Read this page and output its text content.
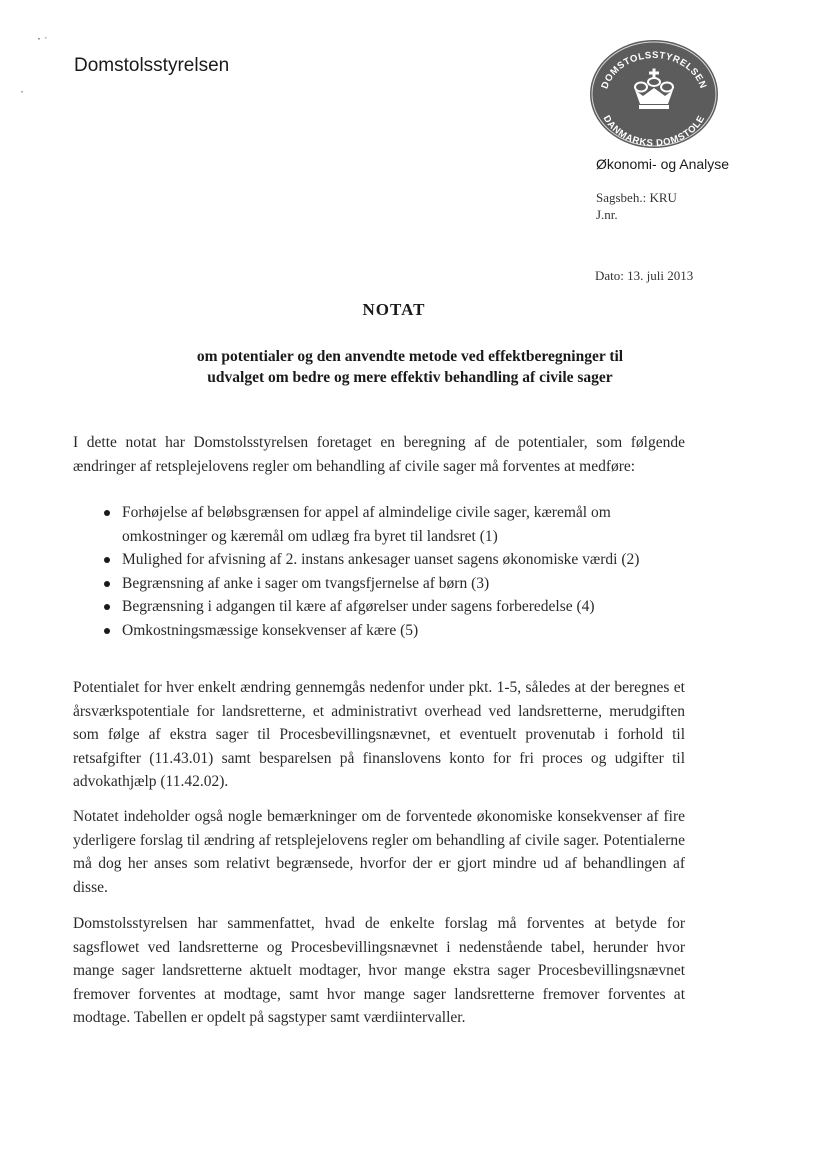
Domstolsstyrelsen
DOMSTOLSSTYRELSEN
DANMARKS DOMSTOLE
Økonomi- og Analyse
Sagsbeh.: KRU
J.nr.
Dato: 13. juli 2013
NOTAT
om potentialer og den anvendte metode ved effektberegninger til
udvalget om bedre og mere effektiv behandling af civile sager

I dette notat har Domstolsstyrelsen foretaget en beregning af de potentialer, som følgende ændringer af retsplejelovens regler om behandling af civile sager må forventes at medføre:

Forhøjelse af beløbsgrænsen for appel af almindelige civile sager, kæremål om omkostninger og kæremål om udlæg fra byret til landsret (1)
Mulighed for afvisning af 2. instans ankesager uanset sagens økonomiske værdi (2)
Begrænsning af anke i sager om tvangsfjernelse af børn (3)
Begrænsning i adgangen til kære af afgørelser under sagens forberedelse (4)
Omkostningsmæssige konsekvenser af kære (5)

Potentialet for hver enkelt ændring gennemgås nedenfor under pkt. 1-5, således at der beregnes et årsværkspotentiale for landsretterne, et administrativt overhead ved landsretterne, merudgiften som følge af ekstra sager til Procesbevillingsnævnet, et eventuelt provenutab i forhold til retsafgifter (11.43.01) samt besparelsen på finanslovens konto for fri proces og udgifter til advokathjælp (11.42.02).

Notatet indeholder også nogle bemærkninger om de forventede økonomiske konsekvenser af fire yderligere forslag til ændring af retsplejelovens regler om behandling af civile sager. Potentialerne må dog her anses som relativt begrænsede, hvorfor der er gjort mindre ud af behandlingen af disse.

Domstolsstyrelsen har sammenfattet, hvad de enkelte forslag må forventes at betyde for sagsflowet ved landsretterne og Procesbevillingsnævnet i nedenstående tabel, herunder hvor mange sager landsretterne aktuelt modtager, hvor mange ekstra sager Procesbevillingsnævnet fremover forventes at modtage, samt hvor mange sager landsretterne fremover forventes at modtage. Tabellen er opdelt på sagstyper samt værdiintervaller.
